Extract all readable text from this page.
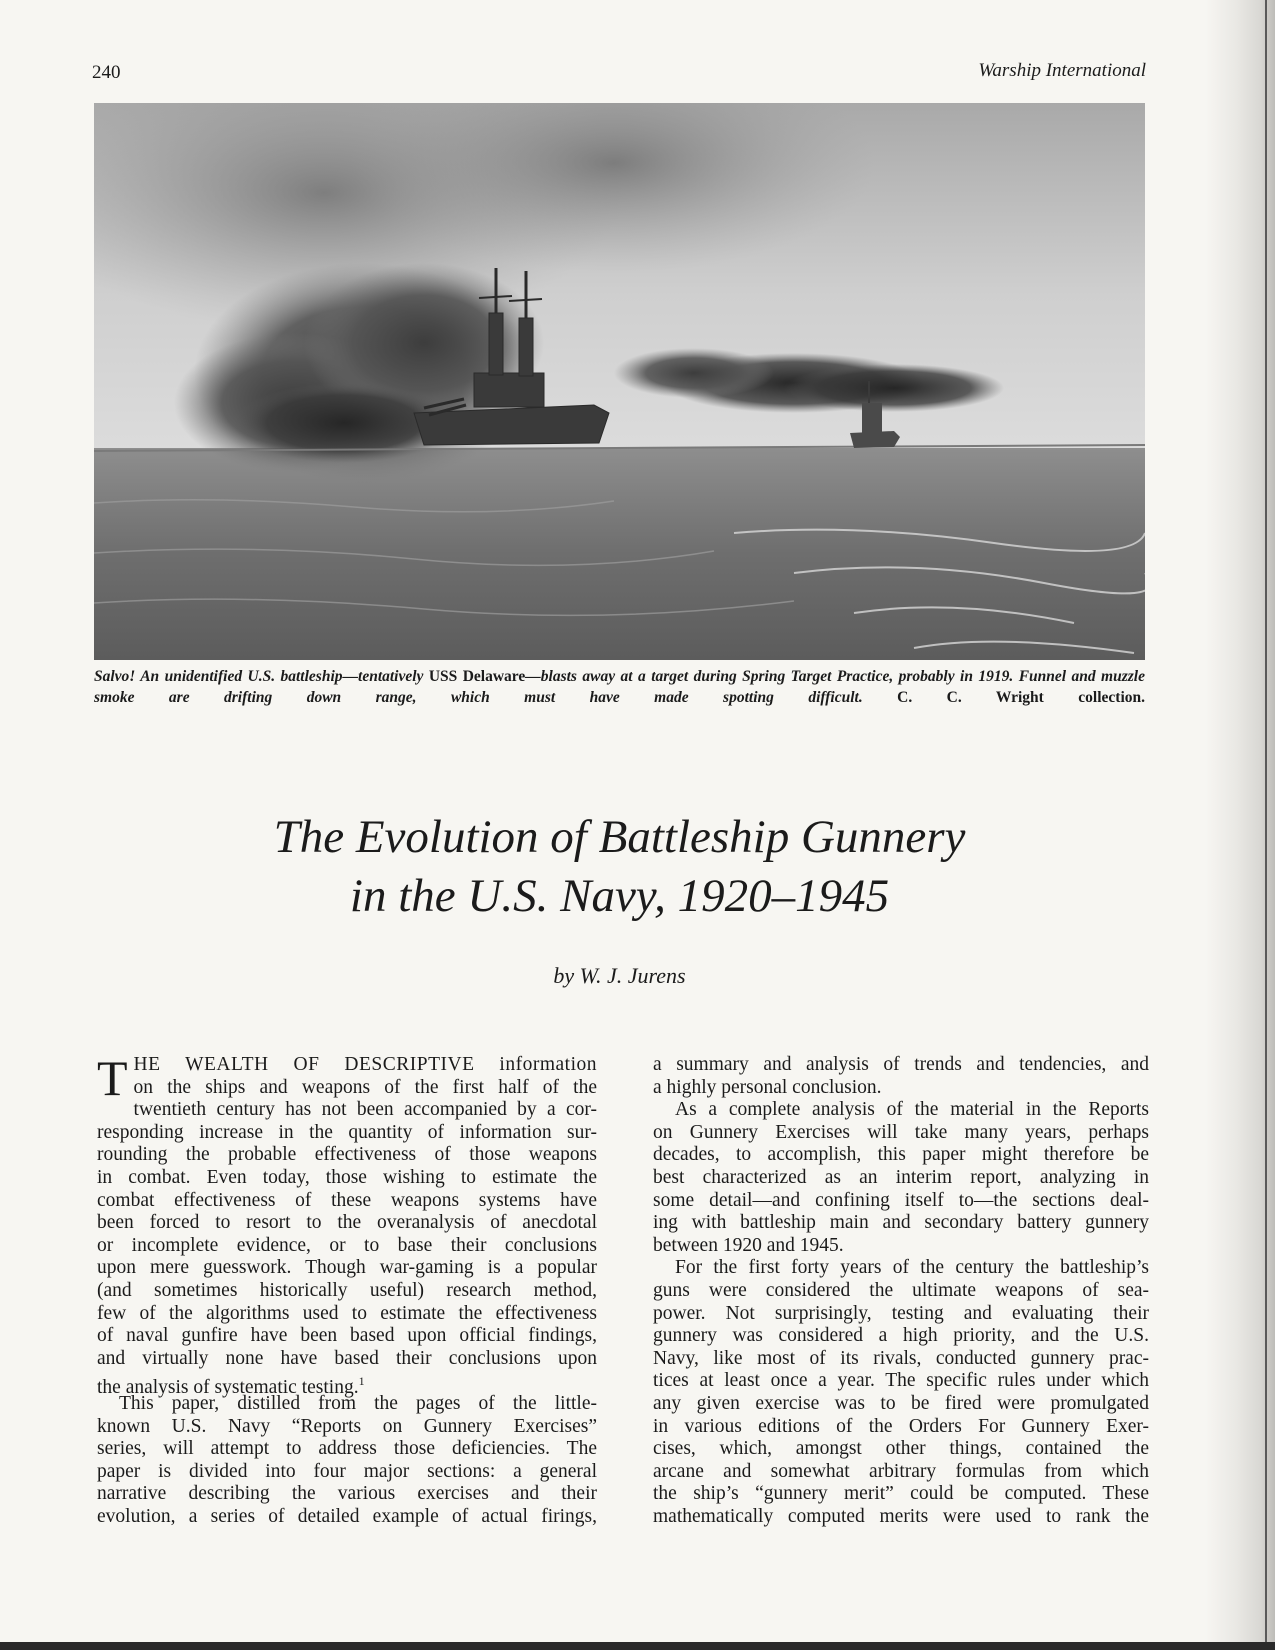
240	Warship International
Salvo! An unidentified U.S. battleship—tentatively USS Delaware—blasts away at a target during Spring Target Practice, probably in 1919. Funnel and muzzle smoke are drifting down range, which must have made spotting difficult. C. C. Wright collection.
The Evolution of Battleship Gunnery
in the U.S. Navy, 1920–1945
by W. J. Jurens
T HE WEALTH OF DESCRIPTIVE information
on the ships and weapons of the first half of the
twentieth century has not been accompanied by a cor-
responding increase in the quantity of information sur-
rounding the probable effectiveness of those weapons
in combat. Even today, those wishing to estimate the
combat effectiveness of these weapons systems have
been forced to resort to the overanalysis of anecdotal
or incomplete evidence, or to base their conclusions
upon mere guesswork. Though war-gaming is a popular
(and sometimes historically useful) research method,
few of the algorithms used to estimate the effectiveness
of naval gunfire have been based upon official findings,
and virtually none have based their conclusions upon
the analysis of systematic testing.$^1$
This paper, distilled from the pages of the little-
known U.S. Navy “Reports on Gunnery Exercises”
series, will attempt to address those deficiencies. The
paper is divided into four major sections: a general
narrative describing the various exercises and their
evolution, a series of detailed example of actual firings,
a summary and analysis of trends and tendencies, and
a highly personal conclusion.
As a complete analysis of the material in the Reports
on Gunnery Exercises will take many years, perhaps
decades, to accomplish, this paper might therefore be
best characterized as an interim report, analyzing in
some detail—and confining itself to—the sections deal-
ing with battleship main and secondary battery gunnery
between 1920 and 1945.
For the first forty years of the century the battleship’s
guns were considered the ultimate weapons of sea-
power. Not surprisingly, testing and evaluating their
gunnery was considered a high priority, and the U.S.
Navy, like most of its rivals, conducted gunnery prac-
tices at least once a year. The specific rules under which
any given exercise was to be fired were promulgated
in various editions of the Orders For Gunnery Exer-
cises, which, amongst other things, contained the
arcane and somewhat arbitrary formulas from which
the ship’s “gunnery merit” could be computed. These
mathematically computed merits were used to rank the
